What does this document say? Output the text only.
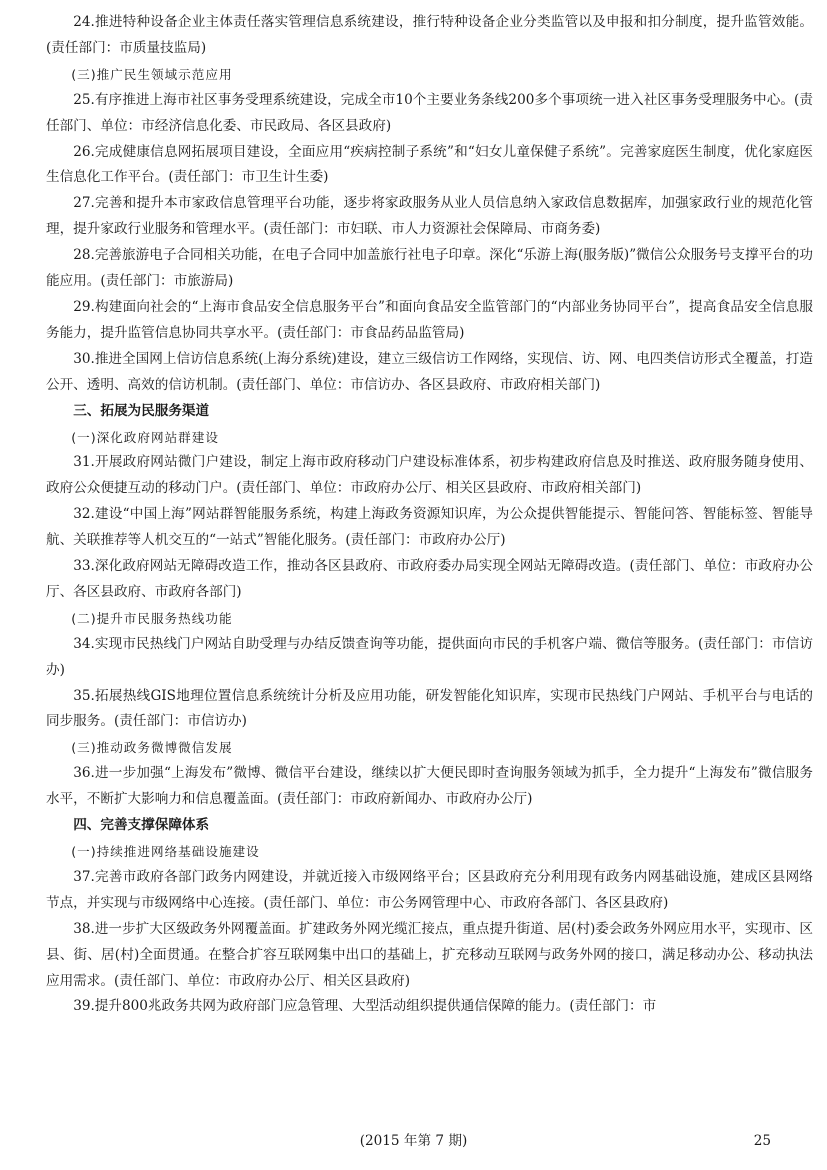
24.推进特种设备企业主体责任落实管理信息系统建设，推行特种设备企业分类监管以及申报和扣分制度，提升监管效能。(责任部门：市质量技监局)

(三)推广民生领域示范应用

25.有序推进上海市社区事务受理系统建设，完成全市10个主要业务条线200多个事项统一进入社区事务受理服务中心。(责任部门、单位：市经济信息化委、市民政局、各区县政府)

26.完成健康信息网拓展项目建设，全面应用“疾病控制子系统”和“妇女儿童保健子系统”。完善家庭医生制度，优化家庭医生信息化工作平台。(责任部门：市卫生计生委)

27.完善和提升本市家政信息管理平台功能，逐步将家政服务从业人员信息纳入家政信息数据库，加强家政行业的规范化管理，提升家政行业服务和管理水平。(责任部门：市妇联、市人力资源社会保障局、市商务委)

28.完善旅游电子合同相关功能，在电子合同中加盖旅行社电子印章。深化“乐游上海(服务版)”微信公众服务号支撑平台的功能应用。(责任部门：市旅游局)

29.构建面向社会的“上海市食品安全信息服务平台”和面向食品安全监管部门的“内部业务协同平台”，提高食品安全信息服务能力，提升监管信息协同共享水平。(责任部门：市食品药品监管局)

30.推进全国网上信访信息系统(上海分系统)建设，建立三级信访工作网络，实现信、访、网、电四类信访形式全覆盖，打造公开、透明、高效的信访机制。(责任部门、单位：市信访办、各区县政府、市政府相关部门)

三、拓展为民服务渠道

(一)深化政府网站群建设

31.开展政府网站微门户建设，制定上海市政府移动门户建设标准体系，初步构建政府信息及时推送、政府服务随身使用、政府公众便捷互动的移动门户。(责任部门、单位：市政府办公厅、相关区县政府、市政府相关部门)

32.建设“中国上海”网站群智能服务系统，构建上海政务资源知识库，为公众提供智能提示、智能问答、智能标签、智能导航、关联推荐等人机交互的“一站式”智能化服务。(责任部门：市政府办公厅)

33.深化政府网站无障碍改造工作，推动各区县政府、市政府委办局实现全网站无障碍改造。(责任部门、单位：市政府办公厅、各区县政府、市政府各部门)

(二)提升市民服务热线功能

34.实现市民热线门户网站自助受理与办结反馈查询等功能，提供面向市民的手机客户端、微信等服务。(责任部门：市信访办)

35.拓展热线GIS地理位置信息系统统计分析及应用功能，研发智能化知识库，实现市民热线门户网站、手机平台与电话的同步服务。(责任部门：市信访办)

(三)推动政务微博微信发展

36.进一步加强“上海发布”微博、微信平台建设，继续以扩大便民即时查询服务领域为抓手，全力提升“上海发布”微信服务水平，不断扩大影响力和信息覆盖面。(责任部门：市政府新闻办、市政府办公厅)

四、完善支撑保障体系

(一)持续推进网络基础设施建设

37.完善市政府各部门政务内网建设，并就近接入市级网络平台；区县政府充分利用现有政务内网基础设施，建成区县网络节点，并实现与市级网络中心连接。(责任部门、单位：市公务网管理中心、市政府各部门、各区县政府)

38.进一步扩大区级政务外网覆盖面。扩建政务外网光缆汇接点，重点提升街道、居(村)委会政务外网应用水平，实现市、区县、街、居(村)全面贯通。在整合扩容互联网集中出口的基础上，扩充移动互联网与政务外网的接口，满足移动办公、移动执法应用需求。(责任部门、单位：市政府办公厅、相关区县政府)

39.提升800兆政务共网为政府部门应急管理、大型活动组织提供通信保障的能力。(责任部门：市

(2015 年第 7 期)	25
